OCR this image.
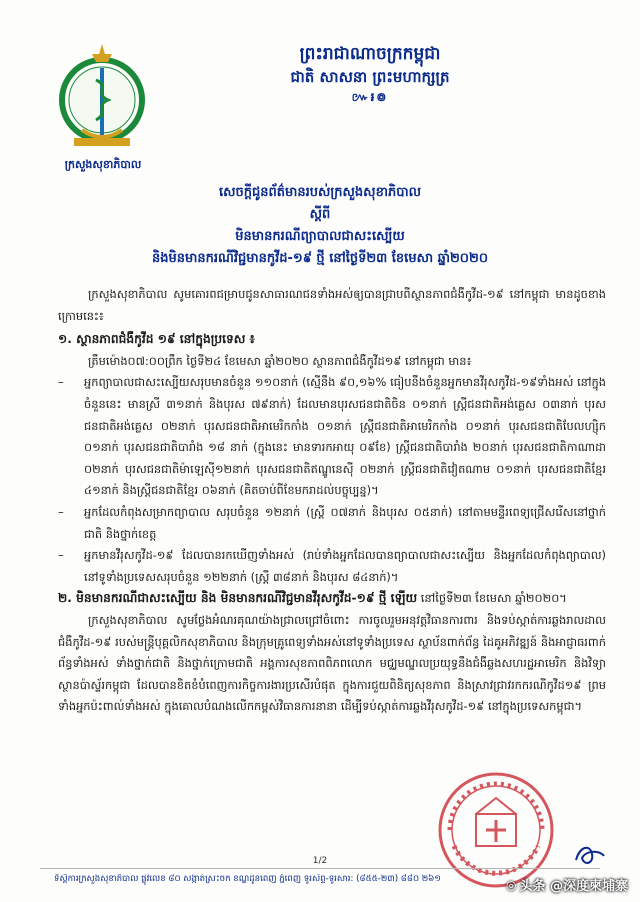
ក្រសួងសុខាភិបាល
ព្រះរាជាណាចក្រកម្ពុជា
ជាតិ សាសនា ព្រះមហាក្សត្រ
៚៛៙
សេចក្តីជូនព័ត៌មានរបស់ក្រសួងសុខាភិបាល
ស្តីពី
មិនមានករណីព្យាបាលជាសះស្បើយ
និងមិនមានករណីវិជ្ជមានកូវីដ-១៩ ថ្មី នៅថ្ងៃទី២៣ ខែមេសា ឆ្នាំ២០២០

ក្រសួងសុខាភិបាល សូមគោរពជម្រាបជូនសាធារណជនទាំងអស់ឲ្យបានជ្រាបពីស្ថានភាពជំងឺកូវីដ-១៩ នៅកម្ពុជា មានដូចខាងក្រោមនេះ៖

១. ស្ថានភាពជំងឺកូវីដ ១៩ នៅក្នុងប្រទេស ៖

ត្រឹមម៉ោង០៧:០០ព្រឹក ថ្ងៃទី២៤ ខែមេសា ឆ្នាំ២០២០ ស្ថានភាពជំងឺកូវីដ១៩ នៅកម្ពុជា មាន៖

–	អ្នកព្យាបាលជាសះស្បើយសរុបមានចំនួន ១១០នាក់ (ស្មើនឹង ៩០,១៦% ធៀបនឹងចំនួនអ្នកមានវីរុសកូវីដ-១៩ទាំងអស់ នៅក្នុងចំនួននេះ មានស្រី ៣១នាក់ និងបុរស ៧៩នាក់) ដែលមានបុរសជនជាតិចិន ០១នាក់ ស្ត្រីជនជាតិអង់គ្លេស ០៣នាក់ បុរសជនជាតិអង់គ្លេស ០២នាក់ បុរសជនជាតិអាមេរិកកាំង ០១នាក់ ស្ត្រីជនជាតិអាមេរិកកាំង ០១នាក់ បុរសជនជាតិបែលហ្ស៊ិក ០១នាក់ បុរសជនជាតិបារាំង ១៨ នាក់ (ក្នុងនេះ មានទារកអាយុ ០៩ខែ) ស្ត្រីជនជាតិបារាំង ២០នាក់ បុរសជនជាតិកាណាដា ០២នាក់ បុរសជនជាតិម៉ាឡេស៊ី១២នាក់ បុរសជនជាតិឥណ្ឌូនេស៊ី ០២នាក់ ស្ត្រីជនជាតិវៀតណាម ០១នាក់ បុរសជនជាតិខ្មែរ ៤១នាក់ និងស្ត្រីជនជាតិខ្មែរ ០៦នាក់ (គិតចាប់ពីខែមករាដល់បច្ចុប្បន្ន)។
–	អ្នកដែលកំពុងសម្រាកព្យាបាល សរុបចំនួន ១២នាក់ (ស្ត្រី ០៧នាក់ និងបុរស ០៥នាក់) នៅតាមមន្ទីរពេទ្យជ្រើសរើសនៅថ្នាក់ជាតិ និងថ្នាក់ខេត្ត
–	អ្នកមានវីរុសកូវីដ-១៩ ដែលបានរកឃើញទាំងអស់ (រាប់ទាំងអ្នកដែលបានព្យាបាលជាសះស្បើយ និងអ្នកដែលកំពុងព្យាបាល) នៅទូទាំងប្រទេសសរុបចំនួន ១២២នាក់ (ស្ត្រី ៣៨នាក់ និងបុរស ៨៤នាក់)។

២. មិនមានករណីជាសះស្បើយ និង មិនមានករណីវិជ្ជមានវីរុសកូវីដ-១៩ ថ្មី ឡើយ នៅថ្ងៃទី២៣ ខែមេសា ឆ្នាំ២០២០។

ក្រសួងសុខាភិបាល សូមថ្លែងអំណរគុណយ៉ាងជ្រាលជ្រៅចំពោះ ការចូលរួមអនុវត្តវិធានការពារ និងទប់ស្កាត់ការឆ្លងរាលដាលជំងឺកូវីដ-១៩ របស់មន្ត្រីបុគ្គលិកសុខាភិបាល និងក្រុមគ្រូពេទ្យទាំងអស់នៅទូទាំងប្រទេស ស្ថាប័នពាក់ព័ន្ធ ដៃគូអភិវឌ្ឍន៍ និងអាជ្ញាធរពាក់ព័ន្ធទាំងអស់ ទាំងថ្នាក់ជាតិ និងថ្នាក់ក្រោមជាតិ អង្គការសុខភាពពិភពលោក មជ្ឈមណ្ឌលប្រយុទ្ធនឹងជំងឺឆ្លងសហរដ្ឋអាមេរិក និងវិទ្យាស្ថានប៉ាស្ទ័រកម្ពុជា ដែលបានខិតខំបំពេញការកិច្ចការងារប្រសើរបំផុត ក្នុងការជួយពិនិត្យសុខភាព និងស្រាវជ្រាវរកករណីកូវីដ១៩ ព្រមទាំងអ្នកប៉ះពាល់ទាំងអស់ ក្នុងគោលបំណងលើកកម្ពស់វិធានការនានា ដើម្បីទប់ស្កាត់ការឆ្លងវីរុសកូវីដ-១៩ នៅក្នុងប្រទេសកម្ពុជា។

1/2
ទីស្តីការក្រសួងសុខាភិបាល ផ្លូវលេខ ៨០ សង្កាត់ស្រះចក ខណ្ឌដូនពេញ ភ្នំពេញ ទូរស័ព្ទ-ទូរសារ: (៨៥៥-២៣) ៨៨០ ២៦១	◎ 头条 @深度柬埔寨
